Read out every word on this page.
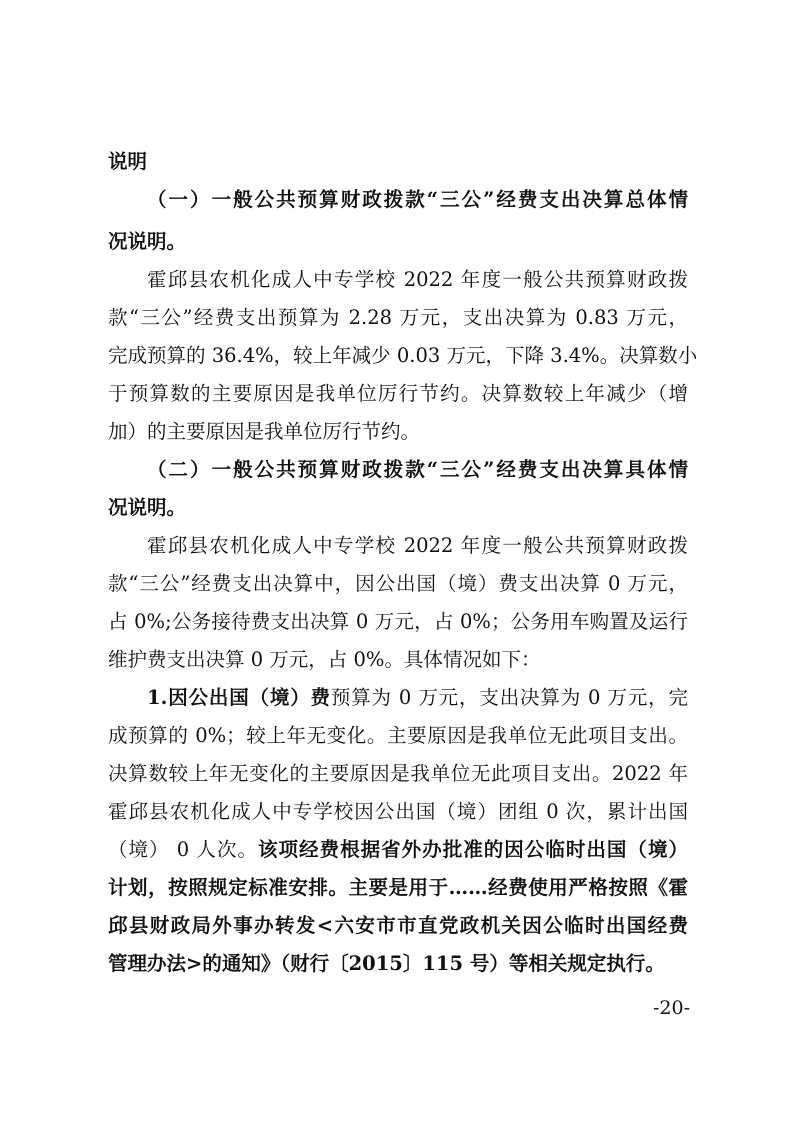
说明
（一）一般公共预算财政拨款“三公”经费支出决算总体情
况说明。
霍邱县农机化成人中专学校 2022 年度一般公共预算财政拨
款“三公”经费支出预算为 2.28 万元，支出决算为 0.83 万元，
完成预算的 36.4%，较上年减少 0.03 万元，下降 3.4%。决算数小
于预算数的主要原因是我单位厉行节约。决算数较上年减少（增
加）的主要原因是我单位厉行节约。
（二）一般公共预算财政拨款“三公”经费支出决算具体情
况说明。
霍邱县农机化成人中专学校 2022 年度一般公共预算财政拨
款“三公”经费支出决算中，因公出国（境）费支出决算 0 万元，
占 0%;公务接待费支出决算 0 万元，占 0%；公务用车购置及运行
维护费支出决算 0 万元，占 0%。具体情况如下：
1.因公出国（境）费预算为 0 万元，支出决算为 0 万元，完
成预算的 0%；较上年无变化。主要原因是我单位无此项目支出。
决算数较上年无变化的主要原因是我单位无此项目支出。2022 年
霍邱县农机化成人中专学校因公出国（境）团组 0 次，累计出国
（境） 0 人次。该项经费根据省外办批准的因公临时出国（境）
计划，按照规定标准安排。主要是用于……经费使用严格按照《霍
邱县财政局外事办转发<六安市市直党政机关因公临时出国经费
管理办法>的通知》（财行〔2015〕115 号）等相关规定执行。
-20-
